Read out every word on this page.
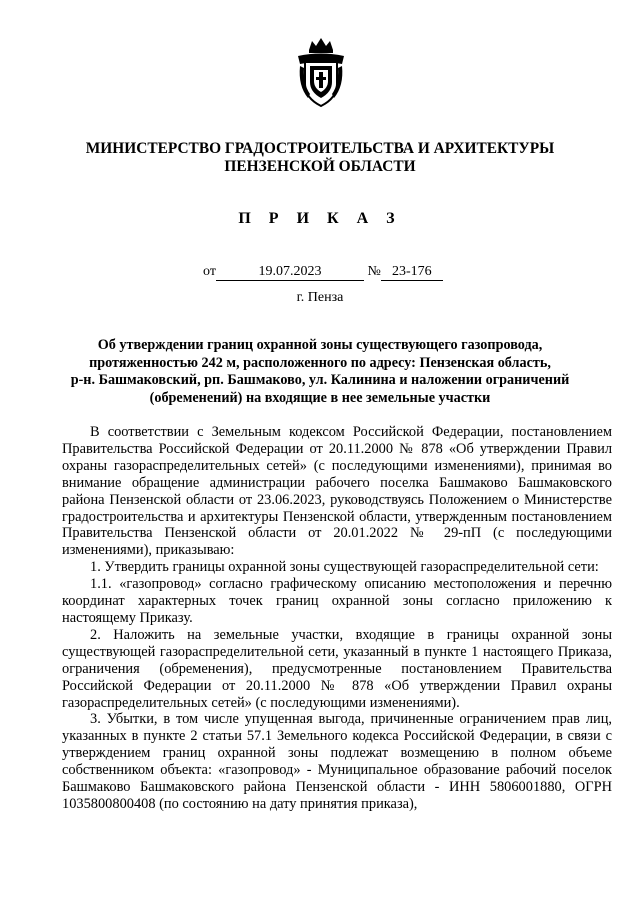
МИНИСТЕРСТВО ГРАДОСТРОИТЕЛЬСТВА И АРХИТЕКТУРЫ
ПЕНЗЕНСКОЙ ОБЛАСТИ
П Р И К А З
от	19.07.2023	№ 23-176
г. Пенза
Об утверждении границ охранной зоны существующего газопровода,
протяженностью 242 м, расположенного по адресу: Пензенская область,
р-н. Башмаковский, рп. Башмаково, ул. Калинина и наложении ограничений
(обременений) на входящие в нее земельные участки

В соответствии с Земельным кодексом Российской Федерации, постановлением Правительства Российской Федерации от 20.11.2000 № 878 «Об утверждении Правил охраны газораспределительных сетей» (с последующими изменениями), принимая во внимание обращение администрации рабочего поселка Башмаково Башмаковского района Пензенской области от 23.06.2023, руководствуясь Положением о Министерстве градостроительства и архитектуры Пензенской области, утвержденным постановлением Правительства Пензенской области от 20.01.2022 № 29-пП (с последующими изменениями), приказываю:

1. Утвердить границы охранной зоны существующей газораспределительной сети:

1.1. «газопровод» согласно графическому описанию местоположения и перечню координат характерных точек границ охранной зоны согласно приложению к настоящему Приказу.

2. Наложить на земельные участки, входящие в границы охранной зоны существующей газораспределительной сети, указанный в пункте 1 настоящего Приказа, ограничения (обременения), предусмотренные постановлением Правительства Российской Федерации от 20.11.2000 № 878 «Об утверждении Правил охраны газораспределительных сетей» (с последующими изменениями).

3. Убытки, в том числе упущенная выгода, причиненные ограничением прав лиц, указанных в пункте 2 статьи 57.1 Земельного кодекса Российской Федерации, в связи с утверждением границ охранной зоны подлежат возмещению в полном объеме собственником объекта: «газопровод» - Муниципальное образование рабочий поселок Башмаково Башмаковского района Пензенской области - ИНН 5806001880, ОГРН 1035800800408 (по состоянию на дату принятия приказа),
